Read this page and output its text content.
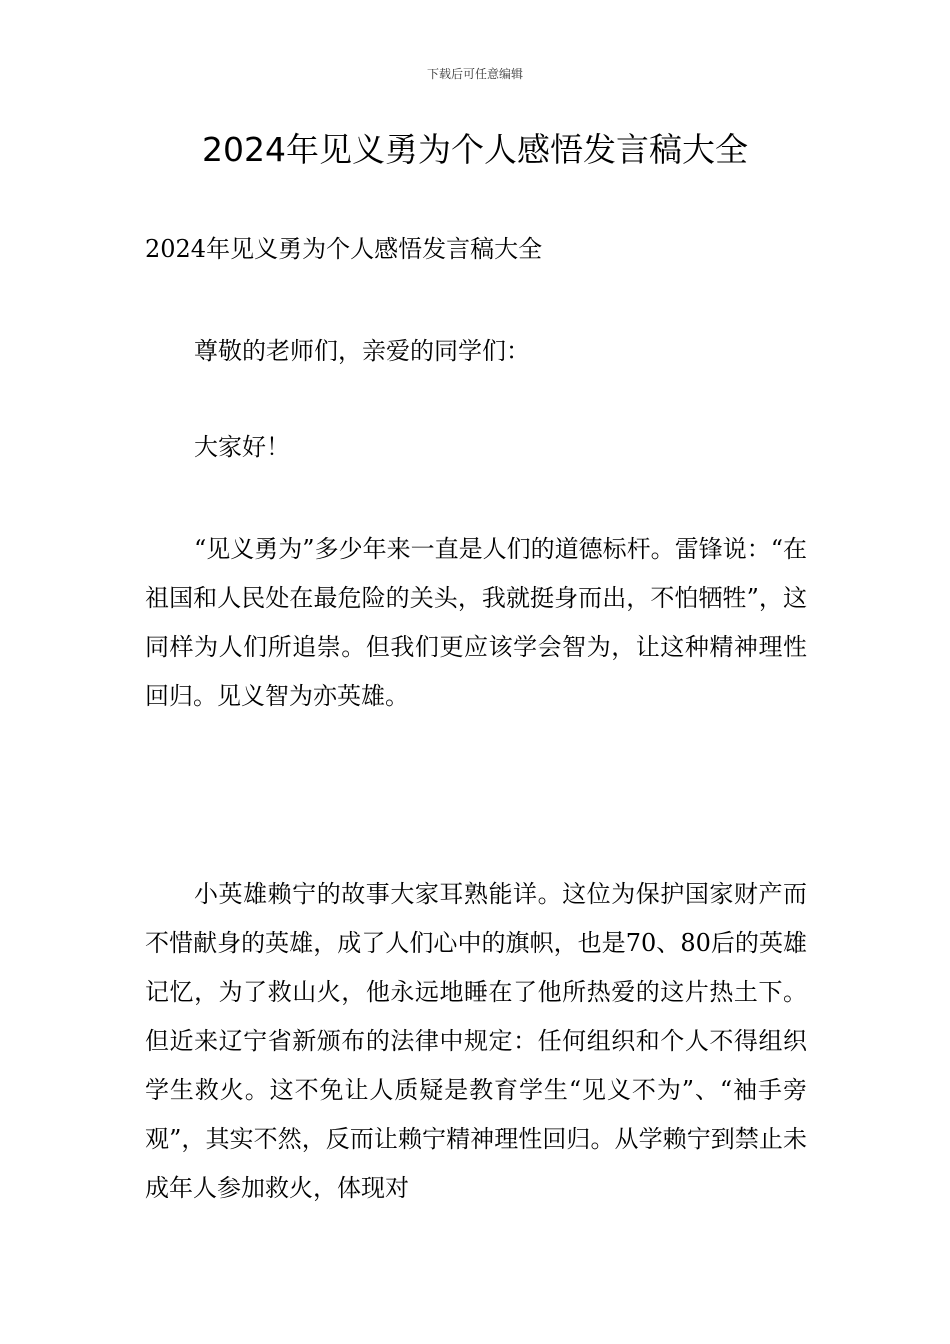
下载后可任意编辑
2024年见义勇为个人感悟发言稿大全

2024年见义勇为个人感悟发言稿大全

尊敬的老师们，亲爱的同学们：

大家好！

“见义勇为”多少年来一直是人们的道德标杆。雷锋说：“在祖国和人民处在最危险的关头，我就挺身而出，不怕牺牲”，这同样为人们所追崇。但我们更应该学会智为，让这种精神理性回归。见义智为亦英雄。

小英雄赖宁的故事大家耳熟能详。这位为保护国家财产而不惜献身的英雄，成了人们心中的旗帜，也是70、80后的英雄记忆，为了救山火，他永远地睡在了他所热爱的这片热土下。但近来辽宁省新颁布的法律中规定：任何组织和个人不得组织学生救火。这不免让人质疑是教育学生“见义不为”、“袖手旁观”，其实不然，反而让赖宁精神理性回归。从学赖宁到禁止未成年人参加救火，体现对
